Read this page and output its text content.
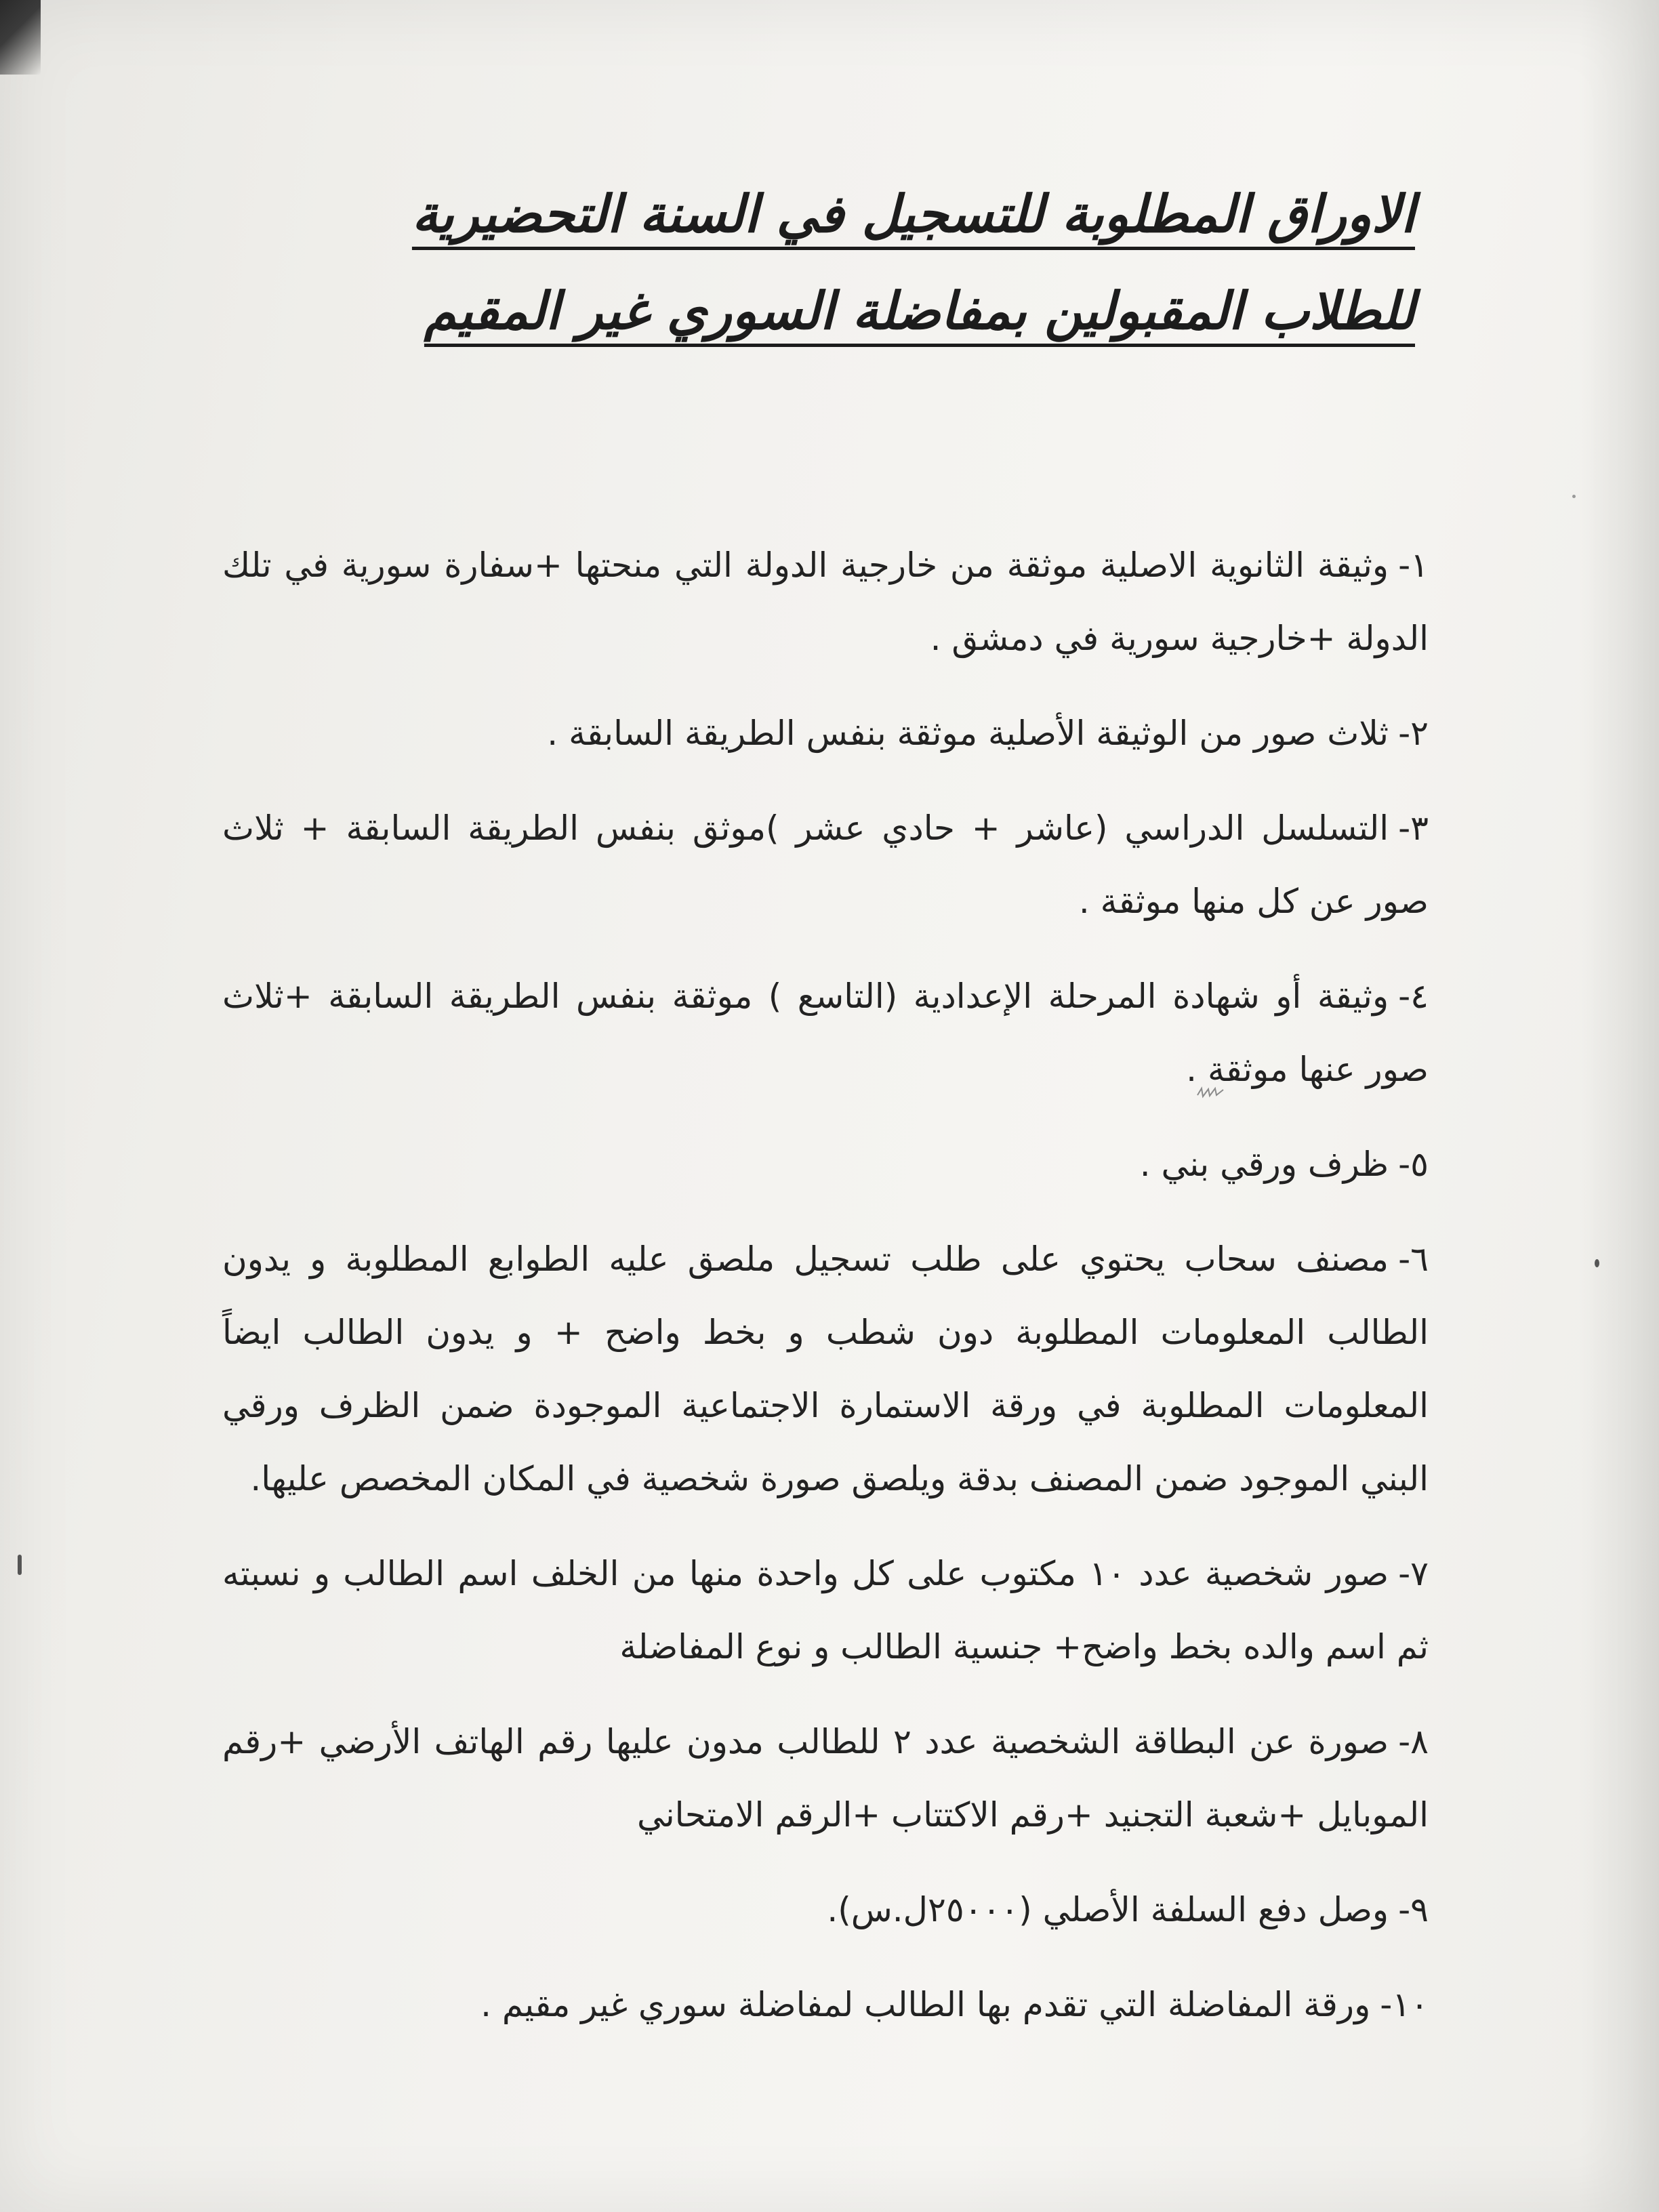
الاوراق المطلوبة للتسجيل في السنة التحضيرية
للطلاب المقبولين بمفاضلة السوري غير المقيم

١-وثيقة الثانوية الاصلية موثقة من خارجية الدولة التي منحتها +سفارة سورية في تلك الدولة +خارجية سورية في دمشق .

٢-ثلاث صور من الوثيقة الأصلية موثقة بنفس الطريقة السابقة .

٣-التسلسل الدراسي (عاشر + حادي عشر )موثق بنفس الطريقة السابقة + ثلاث صور عن كل منها موثقة .

٤-وثيقة أو شهادة المرحلة الإعدادية (التاسع ) موثقة بنفس الطريقة السابقة +ثلاث صور عنها موثقة .

٥-ظرف ورقي بني .

٦-مصنف سحاب يحتوي على طلب تسجيل ملصق عليه الطوابع المطلوبة و يدون الطالب المعلومات المطلوبة دون شطب و بخط واضح + و يدون الطالب ايضاً المعلومات المطلوبة في ورقة الاستمارة الاجتماعية الموجودة ضمن الظرف ورقي البني الموجود ضمن المصنف بدقة ويلصق صورة شخصية في المكان المخصص عليها.

٧-صور شخصية عدد ١٠ مكتوب على كل واحدة منها من الخلف اسم الطالب و نسبته ثم اسم والده بخط واضح+ جنسية الطالب و نوع المفاضلة

٨-صورة عن البطاقة الشخصية عدد ٢ للطالب مدون عليها رقم الهاتف الأرضي +رقم الموبايل +شعبة التجنيد +رقم الاكتتاب +الرقم الامتحاني

٩-وصل دفع السلفة الأصلي (٢٥٠٠٠ل.س).

١٠-ورقة المفاضلة التي تقدم بها الطالب لمفاضلة سوري غير مقيم .
